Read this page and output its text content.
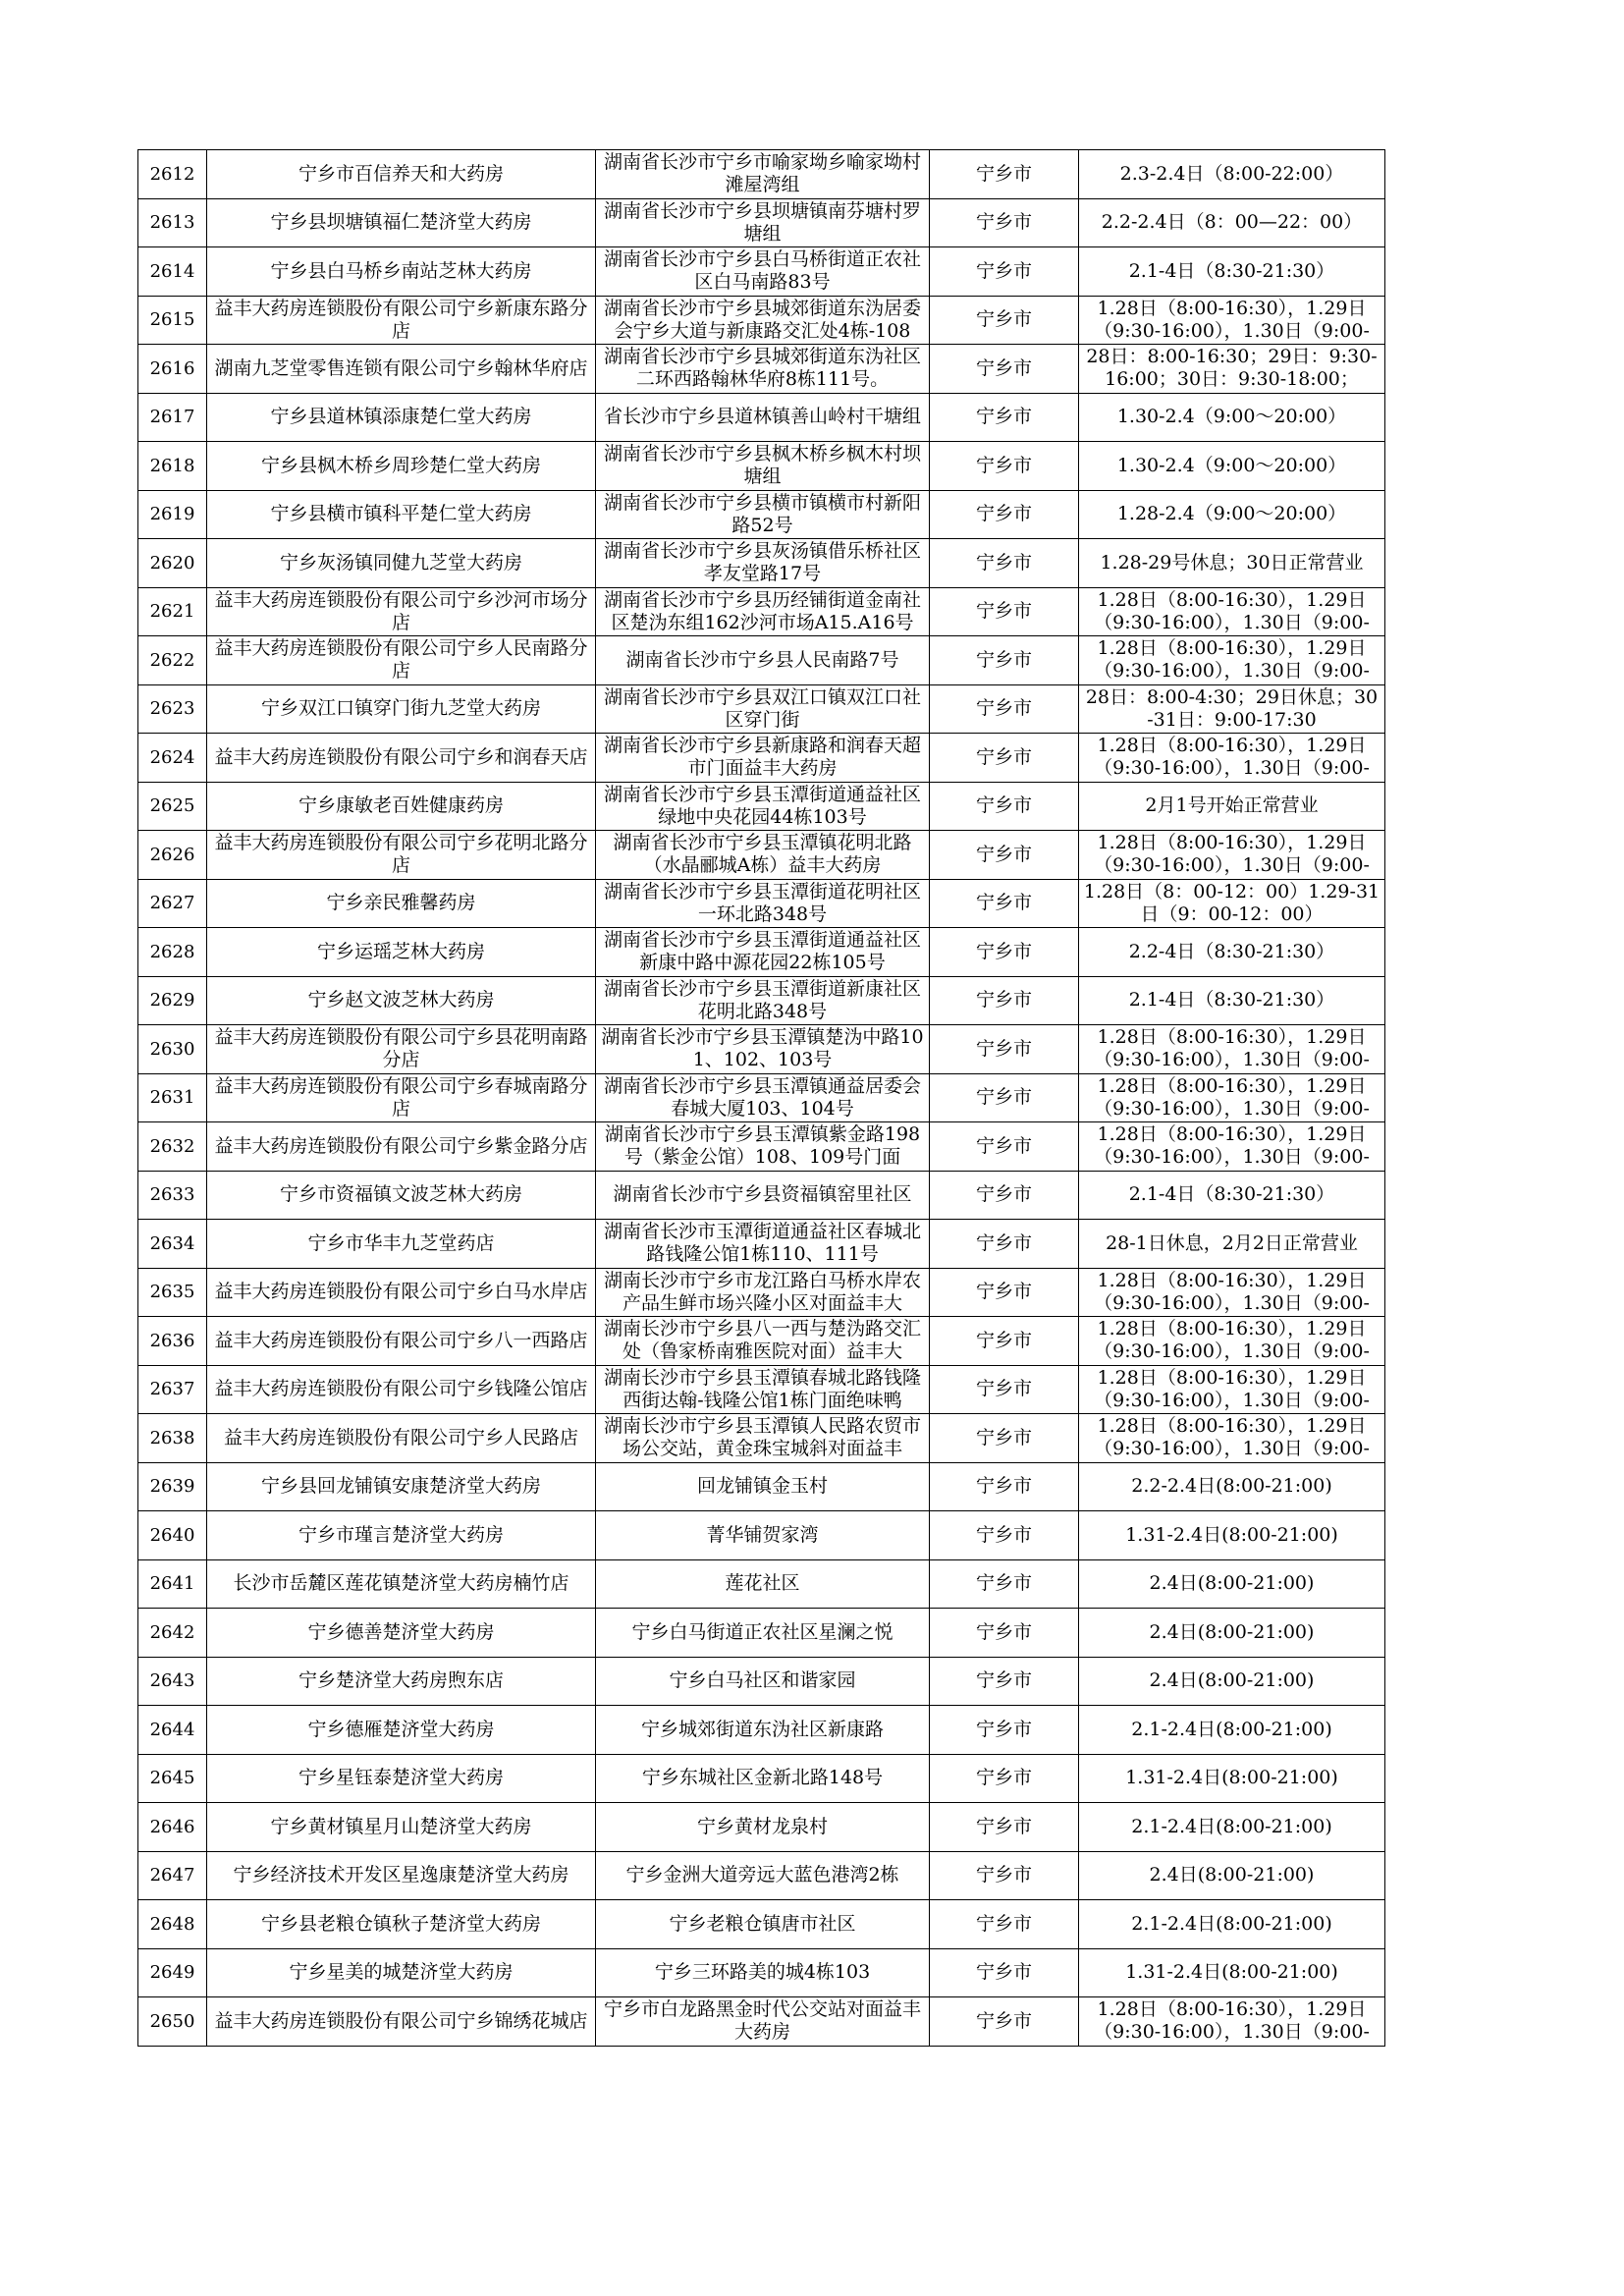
2612	宁乡市百信养天和大药房	湖南省长沙市宁乡市喻家坳乡喻家坳村滩屋湾组	宁乡市	2.3-2.4日（8:00-22:00）

2613	宁乡县坝塘镇福仁楚济堂大药房	湖南省长沙市宁乡县坝塘镇南芬塘村罗塘组	宁乡市	2.2-2.4日（8：00—22：00）

2614	宁乡县白马桥乡南站芝林大药房	湖南省长沙市宁乡县白马桥街道正农社区白马南路83号	宁乡市	2.1-4日（8:30-21:30）

2615	益丰大药房连锁股份有限公司宁乡新康东路分店	湖南省长沙市宁乡县城郊街道东沩居委会宁乡大道与新康路交汇处4栋-108	宁乡市	1.28日（8:00-16:30），1.29日（9:30-16:00），1.30日（9:00-

2616	湖南九芝堂零售连锁有限公司宁乡翰林华府店	湖南省长沙市宁乡县城郊街道东沩社区二环西路翰林华府8栋111号。	宁乡市	28日：8:00-16:30；29日：9:30-16:00；30日：9:30-18:00；

2617	宁乡县道林镇添康楚仁堂大药房	省长沙市宁乡县道林镇善山岭村干塘组	宁乡市	1.30-2.4（9:00～20:00）

2618	宁乡县枫木桥乡周珍楚仁堂大药房	湖南省长沙市宁乡县枫木桥乡枫木村坝塘组	宁乡市	1.30-2.4（9:00～20:00）

2619	宁乡县横市镇科平楚仁堂大药房	湖南省长沙市宁乡县横市镇横市村新阳路52号	宁乡市	1.28-2.4（9:00～20:00）

2620	宁乡灰汤镇同健九芝堂大药房	湖南省长沙市宁乡县灰汤镇借乐桥社区孝友堂路17号	宁乡市	1.28-29号休息；30日正常营业

2621	益丰大药房连锁股份有限公司宁乡沙河市场分店	湖南省长沙市宁乡县历经铺街道金南社区楚沩东组162沙河市场A15.A16号	宁乡市	1.28日（8:00-16:30），1.29日（9:30-16:00），1.30日（9:00-

2622	益丰大药房连锁股份有限公司宁乡人民南路分店	湖南省长沙市宁乡县人民南路7号	宁乡市	1.28日（8:00-16:30），1.29日（9:30-16:00），1.30日（9:00-

2623	宁乡双江口镇穿门街九芝堂大药房	湖南省长沙市宁乡县双江口镇双江口社区穿门街	宁乡市	28日：8:00-4:30；29日休息；30-31日：9:00-17:30

2624	益丰大药房连锁股份有限公司宁乡和润春天店	湖南省长沙市宁乡县新康路和润春天超市门面益丰大药房	宁乡市	1.28日（8:00-16:30），1.29日（9:30-16:00），1.30日（9:00-

2625	宁乡康敏老百姓健康药房	湖南省长沙市宁乡县玉潭街道通益社区绿地中央花园44栋103号	宁乡市	2月1号开始正常营业

2626	益丰大药房连锁股份有限公司宁乡花明北路分店	湖南省长沙市宁乡县玉潭镇花明北路（水晶郦城A栋）益丰大药房	宁乡市	1.28日（8:00-16:30），1.29日（9:30-16:00），1.30日（9:00-

2627	宁乡亲民雅馨药房	湖南省长沙市宁乡县玉潭街道花明社区一环北路348号	宁乡市	1.28日（8：00-12：00）1.29-31日（9：00-12：00）

2628	宁乡运瑶芝林大药房	湖南省长沙市宁乡县玉潭街道通益社区新康中路中源花园22栋105号	宁乡市	2.2-4日（8:30-21:30）

2629	宁乡赵文波芝林大药房	湖南省长沙市宁乡县玉潭街道新康社区花明北路348号	宁乡市	2.1-4日（8:30-21:30）

2630	益丰大药房连锁股份有限公司宁乡县花明南路分店	湖南省长沙市宁乡县玉潭镇楚沩中路101、102、103号	宁乡市	1.28日（8:00-16:30），1.29日（9:30-16:00），1.30日（9:00-

2631	益丰大药房连锁股份有限公司宁乡春城南路分店	湖南省长沙市宁乡县玉潭镇通益居委会春城大厦103、104号	宁乡市	1.28日（8:00-16:30），1.29日（9:30-16:00），1.30日（9:00-

2632	益丰大药房连锁股份有限公司宁乡紫金路分店	湖南省长沙市宁乡县玉潭镇紫金路198号（紫金公馆）108、109号门面	宁乡市	1.28日（8:00-16:30），1.29日（9:30-16:00），1.30日（9:00-

2633	宁乡市资福镇文波芝林大药房	湖南省长沙市宁乡县资福镇窑里社区	宁乡市	2.1-4日（8:30-21:30）

2634	宁乡市华丰九芝堂药店	湖南省长沙市玉潭街道通益社区春城北路钱隆公馆1栋110、111号	宁乡市	28-1日休息，2月2日正常营业

2635	益丰大药房连锁股份有限公司宁乡白马水岸店	湖南长沙市宁乡市龙江路白马桥水岸农产品生鲜市场兴隆小区对面益丰大	宁乡市	1.28日（8:00-16:30），1.29日（9:30-16:00），1.30日（9:00-

2636	益丰大药房连锁股份有限公司宁乡八一西路店	湖南长沙市宁乡县八一西与楚沩路交汇处（鲁家桥南雅医院对面）益丰大	宁乡市	1.28日（8:00-16:30），1.29日（9:30-16:00），1.30日（9:00-

2637	益丰大药房连锁股份有限公司宁乡钱隆公馆店	湖南长沙市宁乡县玉潭镇春城北路钱隆西街达翰-钱隆公馆1栋门面绝味鸭	宁乡市	1.28日（8:00-16:30），1.29日（9:30-16:00），1.30日（9:00-

2638	益丰大药房连锁股份有限公司宁乡人民路店	湖南长沙市宁乡县玉潭镇人民路农贸市场公交站，黄金珠宝城斜对面益丰	宁乡市	1.28日（8:00-16:30），1.29日（9:30-16:00），1.30日（9:00-

2639	宁乡县回龙铺镇安康楚济堂大药房	回龙铺镇金玉村	宁乡市	2.2-2.4日(8:00-21:00)

2640	宁乡市瑾言楚济堂大药房	菁华铺贺家湾	宁乡市	1.31-2.4日(8:00-21:00)

2641	长沙市岳麓区莲花镇楚济堂大药房楠竹店	莲花社区	宁乡市	2.4日(8:00-21:00)

2642	宁乡德善楚济堂大药房	宁乡白马街道正农社区星澜之悦	宁乡市	2.4日(8:00-21:00)

2643	宁乡楚济堂大药房煦东店	宁乡白马社区和谐家园	宁乡市	2.4日(8:00-21:00)

2644	宁乡德雁楚济堂大药房	宁乡城郊街道东沩社区新康路	宁乡市	2.1-2.4日(8:00-21:00)

2645	宁乡星钰泰楚济堂大药房	宁乡东城社区金新北路148号	宁乡市	1.31-2.4日(8:00-21:00)

2646	宁乡黄材镇星月山楚济堂大药房	宁乡黄材龙泉村	宁乡市	2.1-2.4日(8:00-21:00)

2647	宁乡经济技术开发区星逸康楚济堂大药房	宁乡金洲大道旁远大蓝色港湾2栋	宁乡市	2.4日(8:00-21:00)

2648	宁乡县老粮仓镇秋子楚济堂大药房	宁乡老粮仓镇唐市社区	宁乡市	2.1-2.4日(8:00-21:00)

2649	宁乡星美的城楚济堂大药房	宁乡三环路美的城4栋103	宁乡市	1.31-2.4日(8:00-21:00)

2650	益丰大药房连锁股份有限公司宁乡锦绣花城店	宁乡市白龙路黑金时代公交站对面益丰大药房	宁乡市	1.28日（8:00-16:30），1.29日（9:30-16:00），1.30日（9:00-
